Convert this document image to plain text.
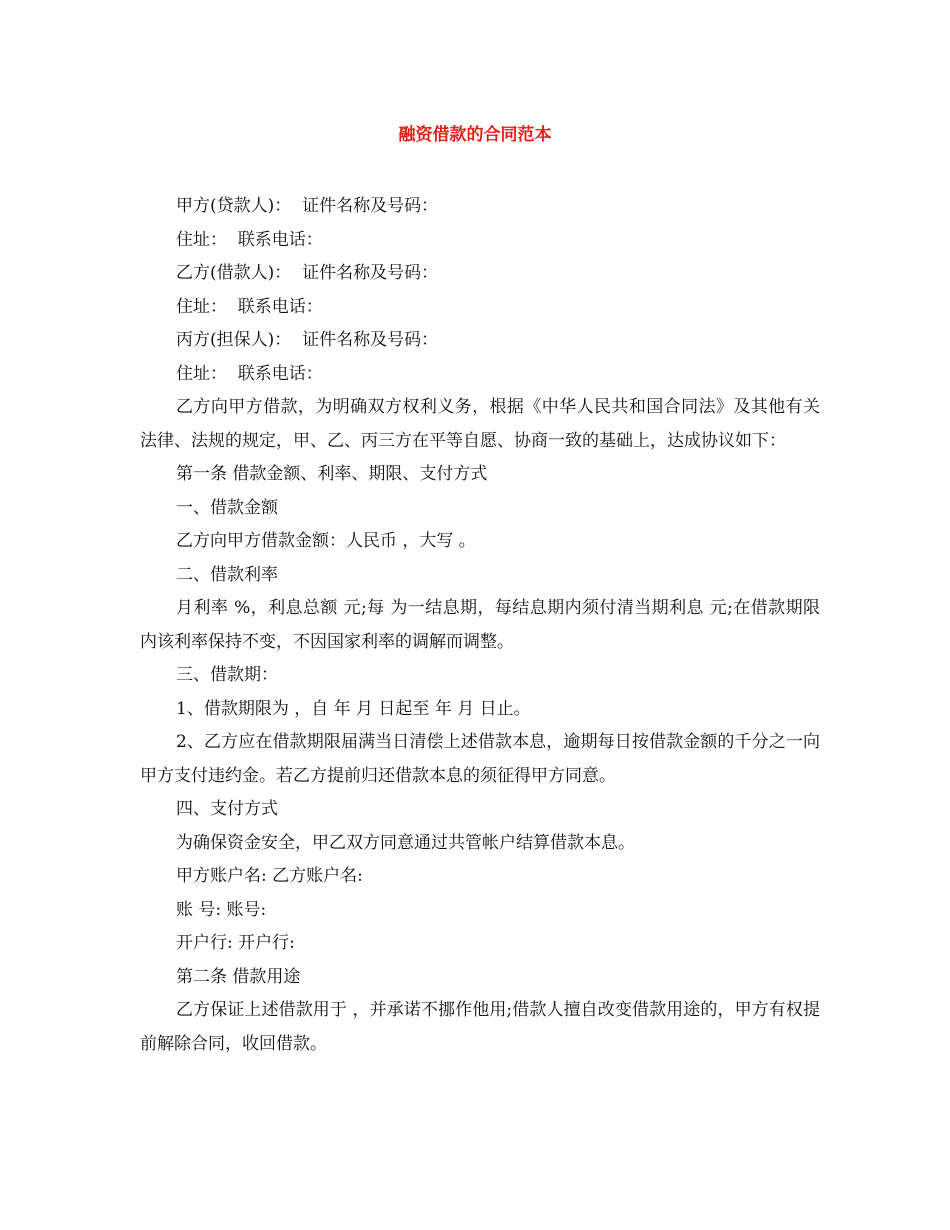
融资借款的合同范本

甲方(贷款人)：  证件名称及号码：

住址：  联系电话：

乙方(借款人)：  证件名称及号码：

住址：  联系电话：

丙方(担保人)：  证件名称及号码：

住址：  联系电话：

乙方向甲方借款，为明确双方权利义务，根据《中华人民共和国合同法》及其他有关法律、法规的规定，甲、乙、丙三方在平等自愿、协商一致的基础上，达成协议如下：

第一条 借款金额、利率、期限、支付方式

一、借款金额

乙方向甲方借款金额：人民币 ，大写 。

二、借款利率

月利率 %，利息总额 元;每 为一结息期，每结息期内须付清当期利息 元;在借款期限内该利率保持不变，不因国家利率的调解而调整。

三、借款期：

1、借款期限为 ，自 年 月 日起至 年 月 日止。

2、乙方应在借款期限届满当日清偿上述借款本息，逾期每日按借款金额的千分之一向甲方支付违约金。若乙方提前归还借款本息的须征得甲方同意。

四、支付方式

为确保资金安全，甲乙双方同意通过共管帐户结算借款本息。

甲方账户名: 乙方账户名:

账 号: 账号:

开户行: 开户行:

第二条 借款用途

乙方保证上述借款用于 ，并承诺不挪作他用;借款人擅自改变借款用途的，甲方有权提前解除合同，收回借款。
